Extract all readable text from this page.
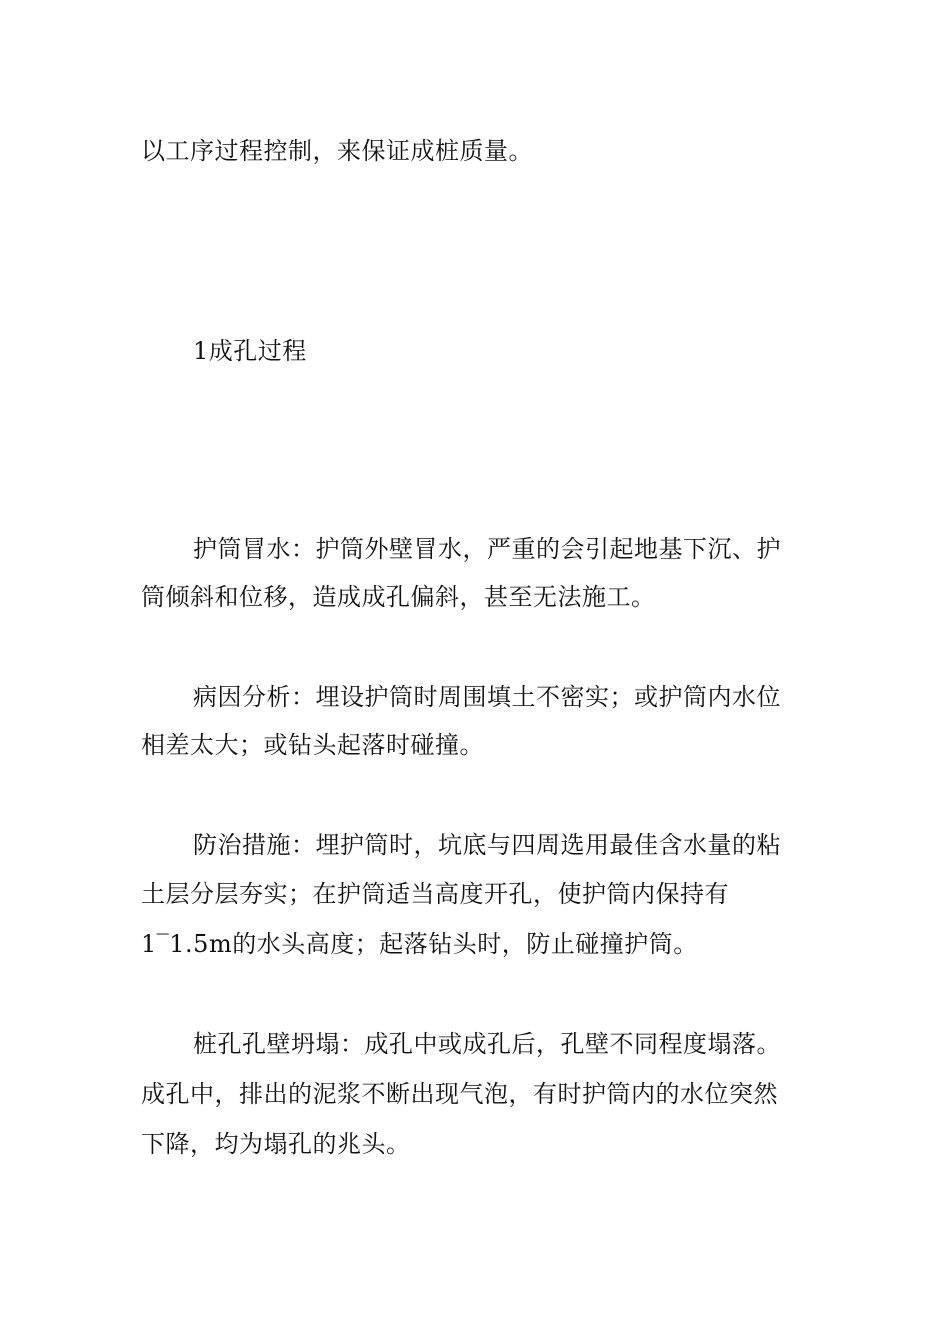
以工序过程控制，来保证成桩质量。
1成孔过程
护筒冒水：护筒外壁冒水，严重的会引起地基下沉、护
筒倾斜和位移，造成成孔偏斜，甚至无法施工。
病因分析：埋设护筒时周围填土不密实；或护筒内水位
相差太大；或钻头起落时碰撞。
防治措施：埋护筒时，坑底与四周选用最佳含水量的粘
土层分层夯实；在护筒适当高度开孔，使护筒内保持有
1‾1.5m的水头高度；起落钻头时，防止碰撞护筒。
桩孔孔壁坍塌：成孔中或成孔后，孔壁不同程度塌落。
成孔中，排出的泥浆不断出现气泡，有时护筒内的水位突然
下降，均为塌孔的兆头。
